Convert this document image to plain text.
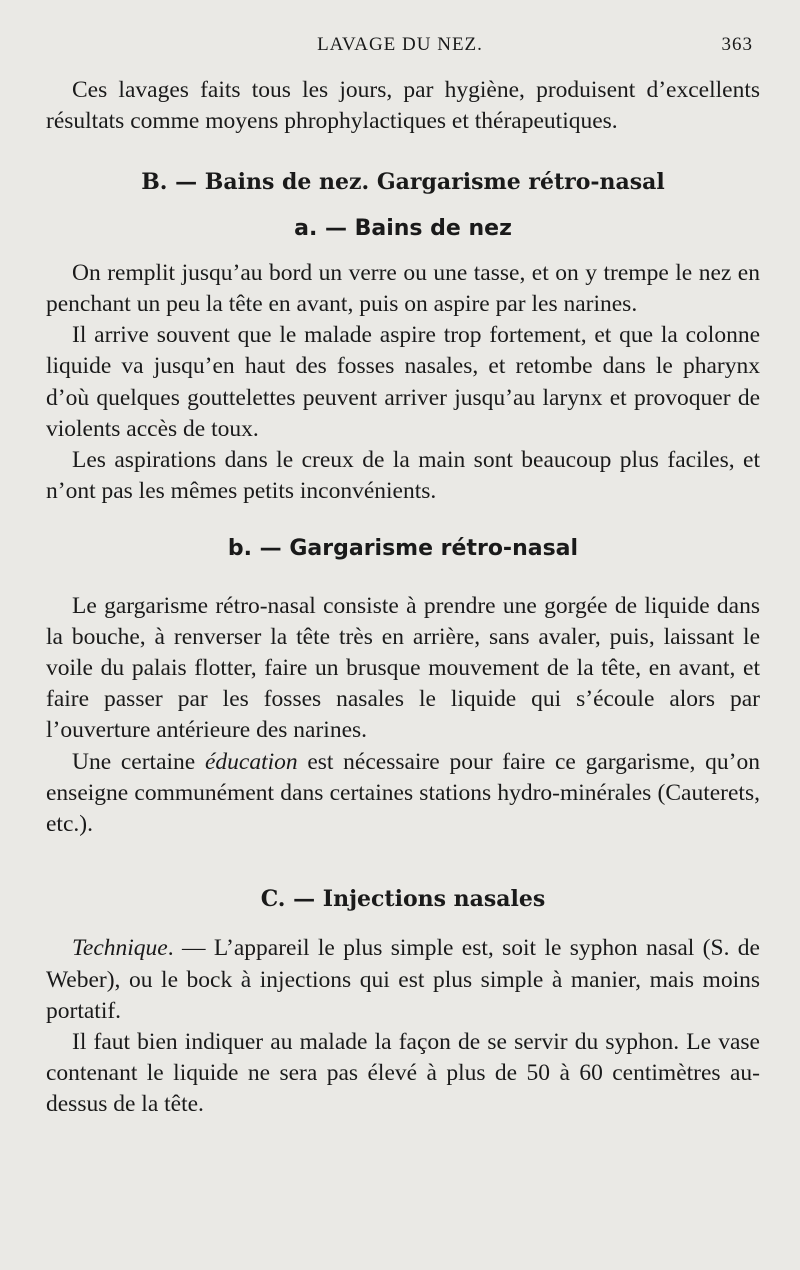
LAVAGE DU NEZ.	363

Ces lavages faits tous les jours, par hygiène, produisent d’excellents résultats comme moyens phrophylactiques et thérapeutiques.

B. — Bains de nez. Gargarisme rétro-nasal
a. — Bains de nez

On remplit jusqu’au bord un verre ou une tasse, et on y trempe le nez en penchant un peu la tête en avant, puis on aspire par les narines.

Il arrive souvent que le malade aspire trop fortement, et que la colonne liquide va jusqu’en haut des fosses nasales, et retombe dans le pharynx d’où quelques gouttelettes peuvent arriver jusqu’au larynx et provoquer de violents accès de toux.

Les aspirations dans le creux de la main sont beaucoup plus faciles, et n’ont pas les mêmes petits inconvénients.

b. — Gargarisme rétro-nasal

Le gargarisme rétro-nasal consiste à prendre une gorgée de liquide dans la bouche, à renverser la tête très en arrière, sans avaler, puis, laissant le voile du palais flotter, faire un brusque mouvement de la tête, en avant, et faire passer par les fosses nasales le liquide qui s’écoule alors par l’ouverture antérieure des narines.

Une certaine éducation est nécessaire pour faire ce gargarisme, qu’on enseigne communément dans certaines stations hydro-minérales (Cauterets, etc.).

C. — Injections nasales

Technique. — L’appareil le plus simple est, soit le syphon nasal (S. de Weber), ou le bock à injections qui est plus simple à manier, mais moins portatif.

Il faut bien indiquer au malade la façon de se servir du syphon. Le vase contenant le liquide ne sera pas élevé à plus de 50 à 60 centimètres au-dessus de la tête.
